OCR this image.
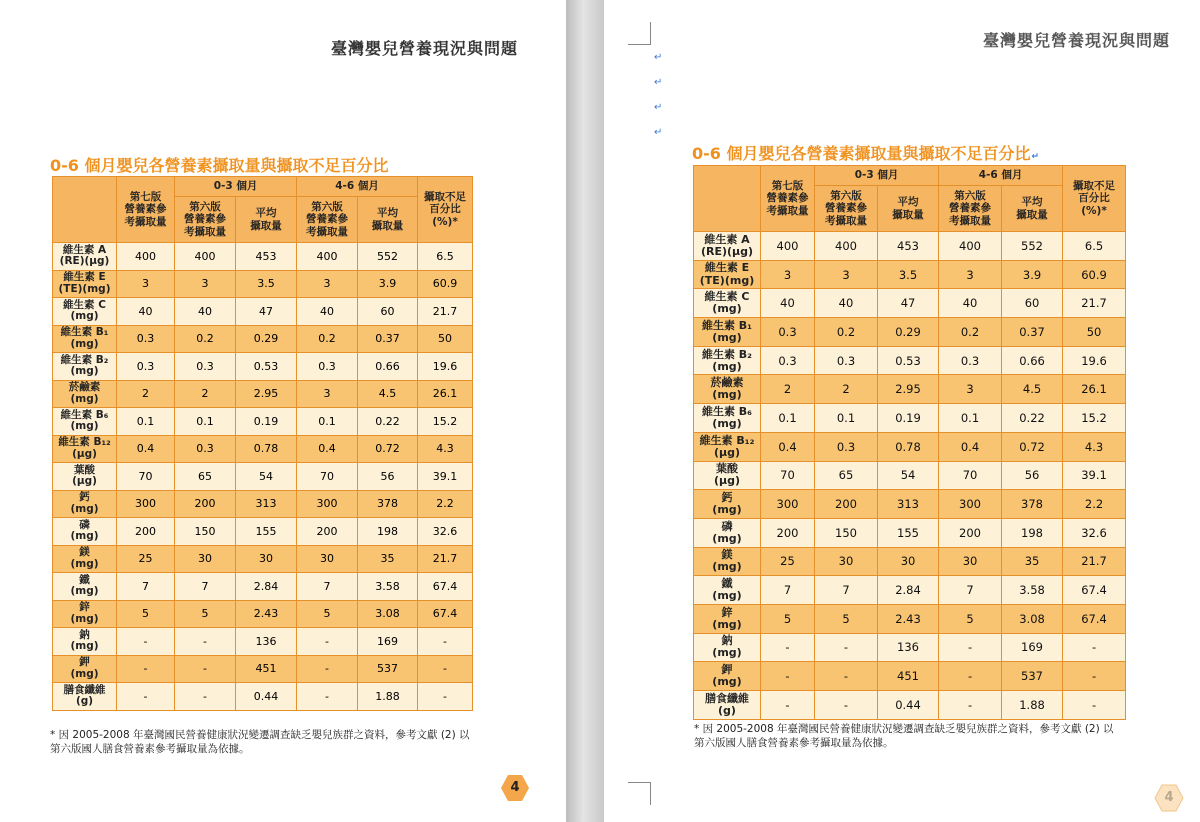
臺灣嬰兒營養現況與問題
0-6 個月嬰兒各營養素攝取量與攝取不足百分比
	第七版
營養素參
考攝取量	0-3 個月		4-6 個月		攝取不足
百分比
(%)*
		第六版
營養素參
考攝取量	平均
攝取量	第六版
營養素參
考攝取量	平均
攝取量	
維生素 A
(RE)(μg)	400	400	453	400	552	6.5
維生素 E
(TE)(mg)	3	3	3.5	3	3.9	60.9
維生素 C
(mg)	40	40	47	40	60	21.7
維生素 B₁
(mg)	0.3	0.2	0.29	0.2	0.37	50
維生素 B₂
(mg)	0.3	0.3	0.53	0.3	0.66	19.6
菸鹼素
(mg)	2	2	2.95	3	4.5	26.1
維生素 B₆
(mg)	0.1	0.1	0.19	0.1	0.22	15.2
維生素 B₁₂
(μg)	0.4	0.3	0.78	0.4	0.72	4.3
葉酸
(μg)	70	65	54	70	56	39.1
鈣
(mg)	300	200	313	300	378	2.2
磷
(mg)	200	150	155	200	198	32.6
鎂
(mg)	25	30	30	30	35	21.7
鐵
(mg)	7	7	2.84	7	3.58	67.4
鋅
(mg)	5	5	2.43	5	3.08	67.4
鈉
(mg)	-	-	136	-	169	-
鉀
(mg)	-	-	451	-	537	-
膳食纖維
(g)	-	-	0.44	-	1.88	-
* 因 2005-2008 年臺灣國民營養健康狀況變遷調查缺乏嬰兒族群之資料，參考文獻 (2) 以
第六版國人膳食營養素參考攝取量為依據。
4
↵
↵
↵
↵
臺灣嬰兒營養現況與問題
0-6 個月嬰兒各營養素攝取量與攝取不足百分比↵
	第七版
營養素參
考攝取量	0-3 個月		4-6 個月		攝取不足
百分比
(%)*
		第六版
營養素參
考攝取量	平均
攝取量	第六版
營養素參
考攝取量	平均
攝取量	
維生素 A
(RE)(μg)	400	400	453	400	552	6.5
維生素 E
(TE)(mg)	3	3	3.5	3	3.9	60.9
維生素 C
(mg)	40	40	47	40	60	21.7
維生素 B₁
(mg)	0.3	0.2	0.29	0.2	0.37	50
維生素 B₂
(mg)	0.3	0.3	0.53	0.3	0.66	19.6
菸鹼素
(mg)	2	2	2.95	3	4.5	26.1
維生素 B₆
(mg)	0.1	0.1	0.19	0.1	0.22	15.2
維生素 B₁₂
(μg)	0.4	0.3	0.78	0.4	0.72	4.3
葉酸
(μg)	70	65	54	70	56	39.1
鈣
(mg)	300	200	313	300	378	2.2
磷
(mg)	200	150	155	200	198	32.6
鎂
(mg)	25	30	30	30	35	21.7
鐵
(mg)	7	7	2.84	7	3.58	67.4
鋅
(mg)	5	5	2.43	5	3.08	67.4
鈉
(mg)	-	-	136	-	169	-
鉀
(mg)	-	-	451	-	537	-
膳食纖維
(g)	-	-	0.44	-	1.88	-
* 因 2005-2008 年臺灣國民營養健康狀況變遷調查缺乏嬰兒族群之資料，參考文獻 (2) 以
第六版國人膳食營養素參考攝取量為依據。
4
